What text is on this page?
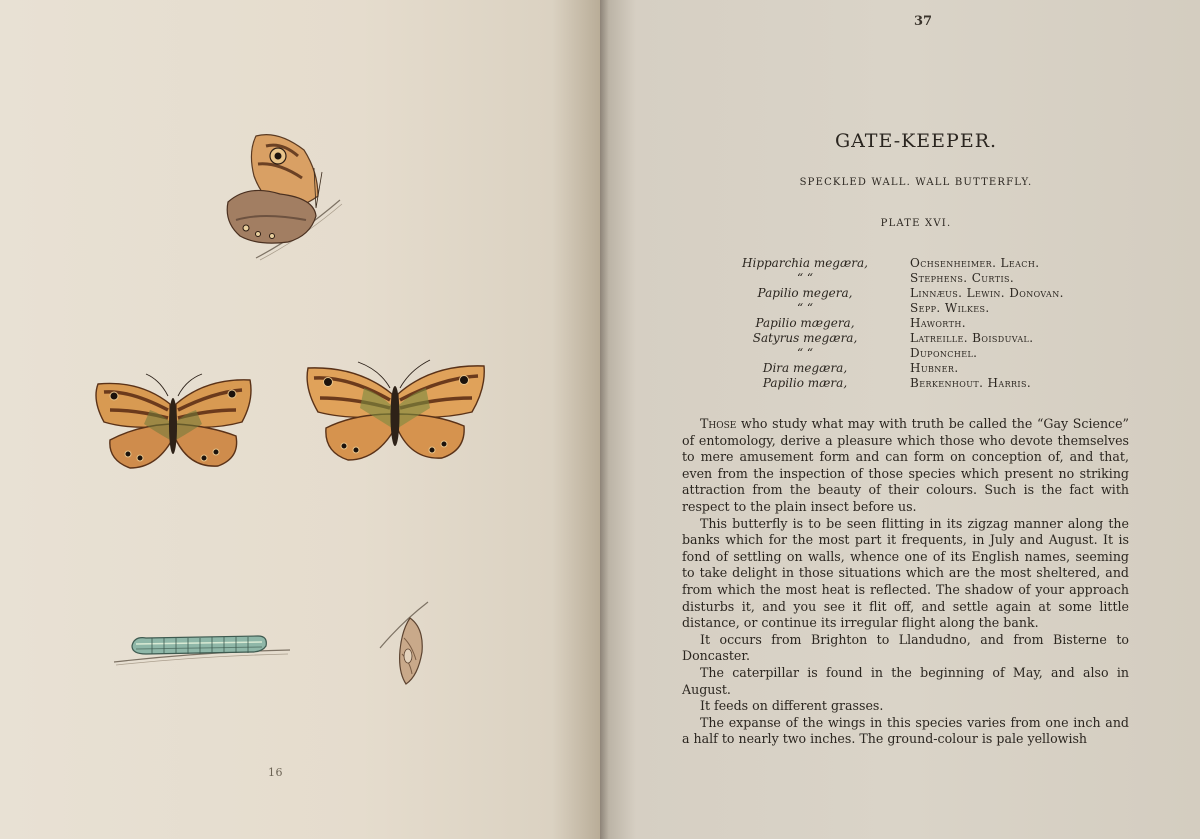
16
37
GATE-KEEPER.
SPECKLED WALL. WALL BUTTERFLY.
PLATE XVI.
Hipparchia megæra,	Ochsenheimer. Leach.
“ “	Stephens. Curtis.
Papilio megera,	Linnæus. Lewin. Donovan.
“ “	Sepp. Wilkes.
Papilio mægera,	Haworth.
Satyrus megæra,	Latreille. Boisduval.
“ “	Duponchel.
Dira megæra,	Hubner.
Papilio mæra,	Berkenhout. Harris.

Those who study what may with truth be called the “Gay Science” of entomology, derive a pleasure which those who devote themselves to mere amusement form and can form on conception of, and that, even from the inspection of those species which present no striking attraction from the beauty of their colours. Such is the fact with respect to the plain insect before us.

This butterfly is to be seen flitting in its zigzag manner along the banks which for the most part it frequents, in July and August. It is fond of settling on walls, whence one of its English names, seeming to take delight in those situations which are the most sheltered, and from which the most heat is reflected. The shadow of your approach disturbs it, and you see it flit off, and settle again at some little distance, or continue its irregular flight along the bank.

It occurs from Brighton to Llandudno, and from Bisterne to Doncaster.

The caterpillar is found in the beginning of May, and also in August.

It feeds on different grasses.

The expanse of the wings in this species varies from one inch and a half to nearly two inches. The ground-colour is pale yellowish
